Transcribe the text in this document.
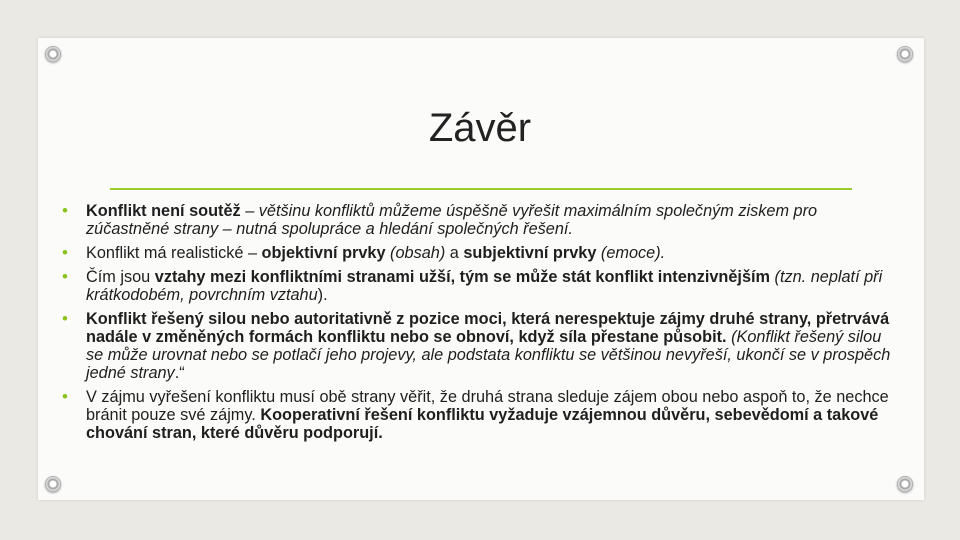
Závěr
• Konflikt není soutěž – většinu konfliktů můžeme úspěšně vyřešit maximálním společným ziskem pro zúčastněné strany – nutná spolupráce a hledání společných řešení.
• Konflikt má realistické – objektivní prvky (obsah) a subjektivní prvky (emoce).
• Čím jsou vztahy mezi konfliktními stranami užší, tým se může stát konflikt intenzivnějším (tzn. neplatí při krátkodobém, povrchním vztahu).
• Konflikt řešený silou nebo autoritativně z pozice moci, která nerespektuje zájmy druhé strany, přetrvává nadále v změněných formách konfliktu nebo se obnoví, když síla přestane působit. (Konflikt řešený silou se může urovnat nebo se potlačí jeho projevy, ale podstata konfliktu se většinou nevyřeší, ukončí se v prospěch jedné strany.“
• V zájmu vyřešení konfliktu musí obě strany věřit, že druhá strana sleduje zájem obou nebo aspoň to, že nechce bránit pouze své zájmy. Kooperativní řešení konfliktu vyžaduje vzájemnou důvěru, sebevědomí a takové chování stran, které důvěru podporují.
